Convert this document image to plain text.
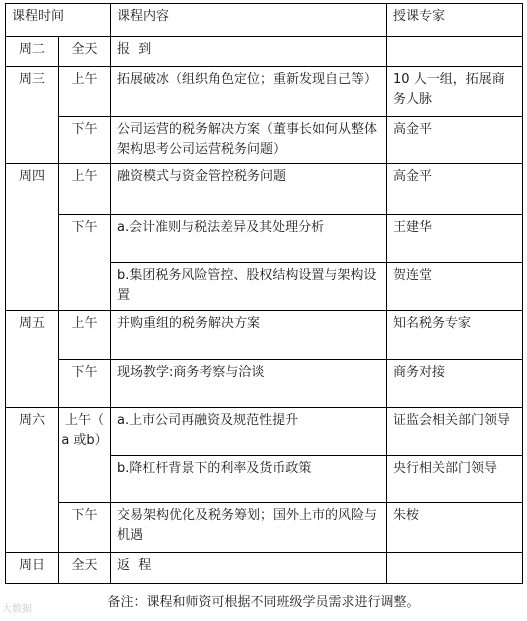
课程时间		课程内容	授课专家
周二	全天	报  到	
周三	上午	拓展破冰（组织角色定位；重新发现自己等）	10 人一组，拓展商务人脉
	下午	公司运营的税务解决方案（董事长如何从整体架构思考公司运营税务问题）	高金平
周四	上午	融资模式与资金管控税务问题	高金平
	下午	a.会计准则与税法差异及其处理分析	王建华
		b.集团税务风险管控、股权结构设置与架构设置	贺连堂
周五	上午	并购重组的税务解决方案	知名税务专家
	下午	现场教学:商务考察与洽谈	商务对接
周六	上午（ a 或b）	a.上市公司再融资及规范性提升	证监会相关部门领导
		b.降杠杆背景下的利率及货币政策	央行相关部门领导
	下午	交易架构优化及税务筹划；国外上市的风险与机遇	朱桉
周日	全天	返  程	
备注：课程和师资可根据不同班级学员需求进行调整。
大数据
